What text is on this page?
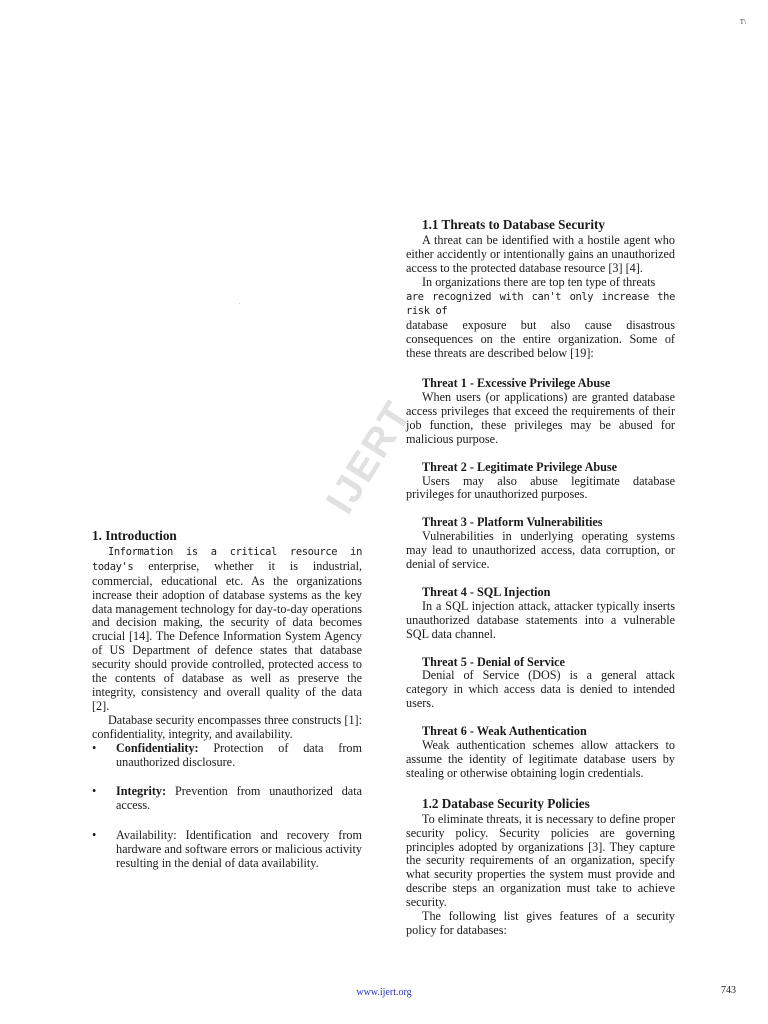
T\
.
IJERT
1. Introduction

Information is a critical resource in today's enterprise, whether it is industrial, commercial, educational etc. As the organizations increase their adoption of database systems as the key data management technology for day-to-day operations and decision making, the security of data becomes crucial [14]. The Defence Information System Agency of US Department of defence states that database security should provide controlled, protected access to the contents of database as well as preserve the integrity, consistency and overall quality of the data [2].

Database security encompasses three constructs [1]: confidentiality, integrity, and availability.

• Confidentiality: Protection of data from unauthorized disclosure.
• Integrity: Prevention from unauthorized data access.
• Availability: Identification and recovery from hardware and software errors or malicious activity resulting in the denial of data availability.
1.1 Threats to Database Security

A threat can be identified with a hostile agent who either accidently or intentionally gains an unauthorized access to the protected database resource [3] [4].

In organizations there are top ten type of threats
are recognized with can't only increase the risk of
database exposure but also cause disastrous consequences on the entire organization. Some of these threats are described below [19]:

Threat 1 - Excessive Privilege Abuse

When users (or applications) are granted database access privileges that exceed the requirements of their job function, these privileges may be abused for malicious purpose.

Threat 2 - Legitimate Privilege Abuse

Users may also abuse legitimate database privileges for unauthorized purposes.

Threat 3 - Platform Vulnerabilities

Vulnerabilities in underlying operating systems may lead to unauthorized access, data corruption, or denial of service.

Threat 4 - SQL Injection

In a SQL injection attack, attacker typically inserts unauthorized database statements into a vulnerable SQL data channel.

Threat 5 - Denial of Service

Denial of Service (DOS) is a general attack category in which access data is denied to intended users.

Threat 6 - Weak Authentication

Weak authentication schemes allow attackers to assume the identity of legitimate database users by stealing or otherwise obtaining login credentials.

1.2 Database Security Policies

To eliminate threats, it is necessary to define proper security policy. Security policies are governing principles adopted by organizations [3]. They capture the security requirements of an organization, specify what security properties the system must provide and describe steps an organization must take to achieve security.

The following list gives features of a security policy for databases:

www.ijert.org	743
